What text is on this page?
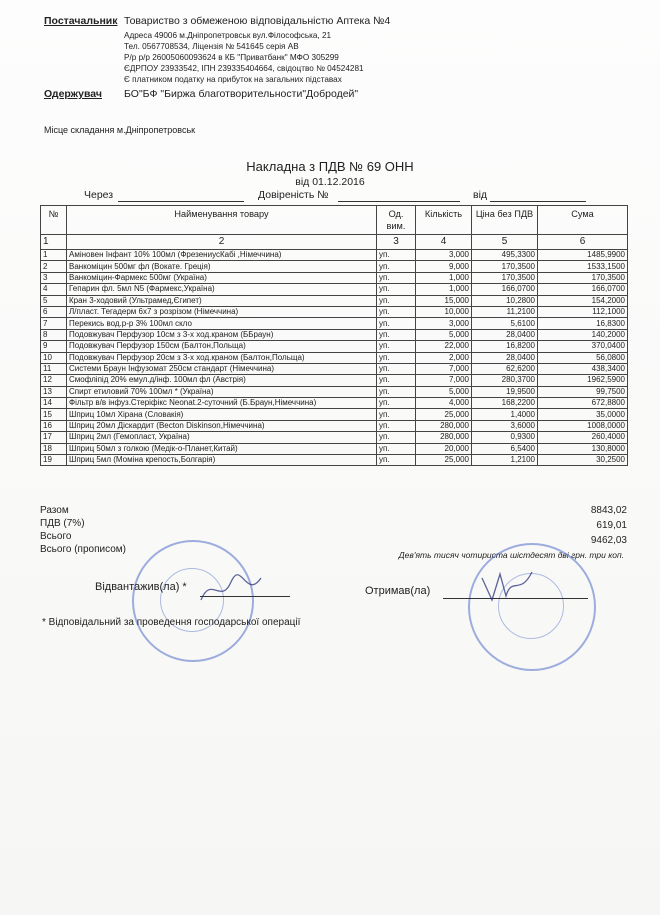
Постачальник Товариство з обмеженою відповідальністю Аптека №4
Адреса 49006 м.Дніпропетровськ вул.Філософська, 21
Тел. 0567708534, Ліцензія № 541645 серія АВ
Р/р р/р 26005060093624 в КБ "Приватбанк" МФО 305299
ЄДРПОУ 23933542, ІПН 239335404664, свідоцтво № 04524281
Є платником податку на прибуток на загальних підставах
Одержувач БО"БФ "Биржа благотворительности"Добродей"
Місце складання м.Дніпропетровськ
Накладна з ПДВ № 69 ОНН
від 01.12.2016
Через	Довіреність №	від
№	Найменування товару	Од. вим.	Кількість	Ціна без ПДВ	Сума
1	2	3	4	5	6
1	Аміновен Інфант 10% 100мл (ФрезениусКабі ,Німеччина)	уп.	3,000	495,3300	1485,9900
2	Ванкоміцин 500мг фл (Вокате. Греція)	уп.	9,000	170,3500	1533,1500
3	Ванкоміцин-Фармекс 500мг (Україна)	уп.	1,000	170,3500	170,3500
4	Гепарин фл. 5мл N5 (Фармекс,Україна)	уп.	1,000	166,0700	166,0700
5	Кран 3-ходовий (Ультрамед,Єгипет)	уп.	15,000	10,2800	154,2000
6	Л/пласт. Тегадерм 6х7 з розрізом (Німеччина)	уп.	10,000	11,2100	112,1000
7	Перекись вод.р-р 3% 100мл скло	уп.	3,000	5,6100	16,8300
8	Подовжувач Перфузор 10см з 3-х ход.краном (ББраун)	уп.	5,000	28,0400	140,2000
9	Подовжувач Перфузор 150см (Балтон,Польща)	уп.	22,000	16,8200	370,0400
10	Подовжувач Перфузор 20см з 3-х ход.краном (Балтон,Польща)	уп.	2,000	28,0400	56,0800
11	Системи Браун Інфузомат 250см стандарт (Німеччина)	уп.	7,000	62,6200	438,3400
12	Смофліпід 20% емул.д/інф. 100мл фл (Австрія)	уп.	7,000	280,3700	1962,5900
13	Спирт етиловий 70% 100мл * (Україна)	уп.	5,000	19,9500	99,7500
14	Фільтр в/в інфуз.Стеріфікс Neonat.2-суточний (Б.Браун,Німеччина)	уп.	4,000	168,2200	672,8800
15	Шприц 10мл Хірана (Словакія)	уп.	25,000	1,4000	35,0000
16	Шприц 20мл Діскардит (Becton Diskinson,Німеччина)	уп.	280,000	3,6000	1008,0000
17	Шприц 2мл (Гемопласт, Україна)	уп.	280,000	0,9300	260,4000
18	Шприц 50мл з голкою (Медік-о-Планет,Китай)	уп.	20,000	6,5400	130,8000
19	Шприц 5мл (Моміна крепость,Болгарія)	уп.	25,000	1,2100	30,2500
Разом	8843,02
ПДВ (7%)	619,01
Всього	9462,03
Всього (прописом)	Дев'ять тисяч чотириста шістдесят дві грн. три коп.
Відвантажив(ла) *	Отримав(ла)
* Відповідальний за проведення господарської операції
